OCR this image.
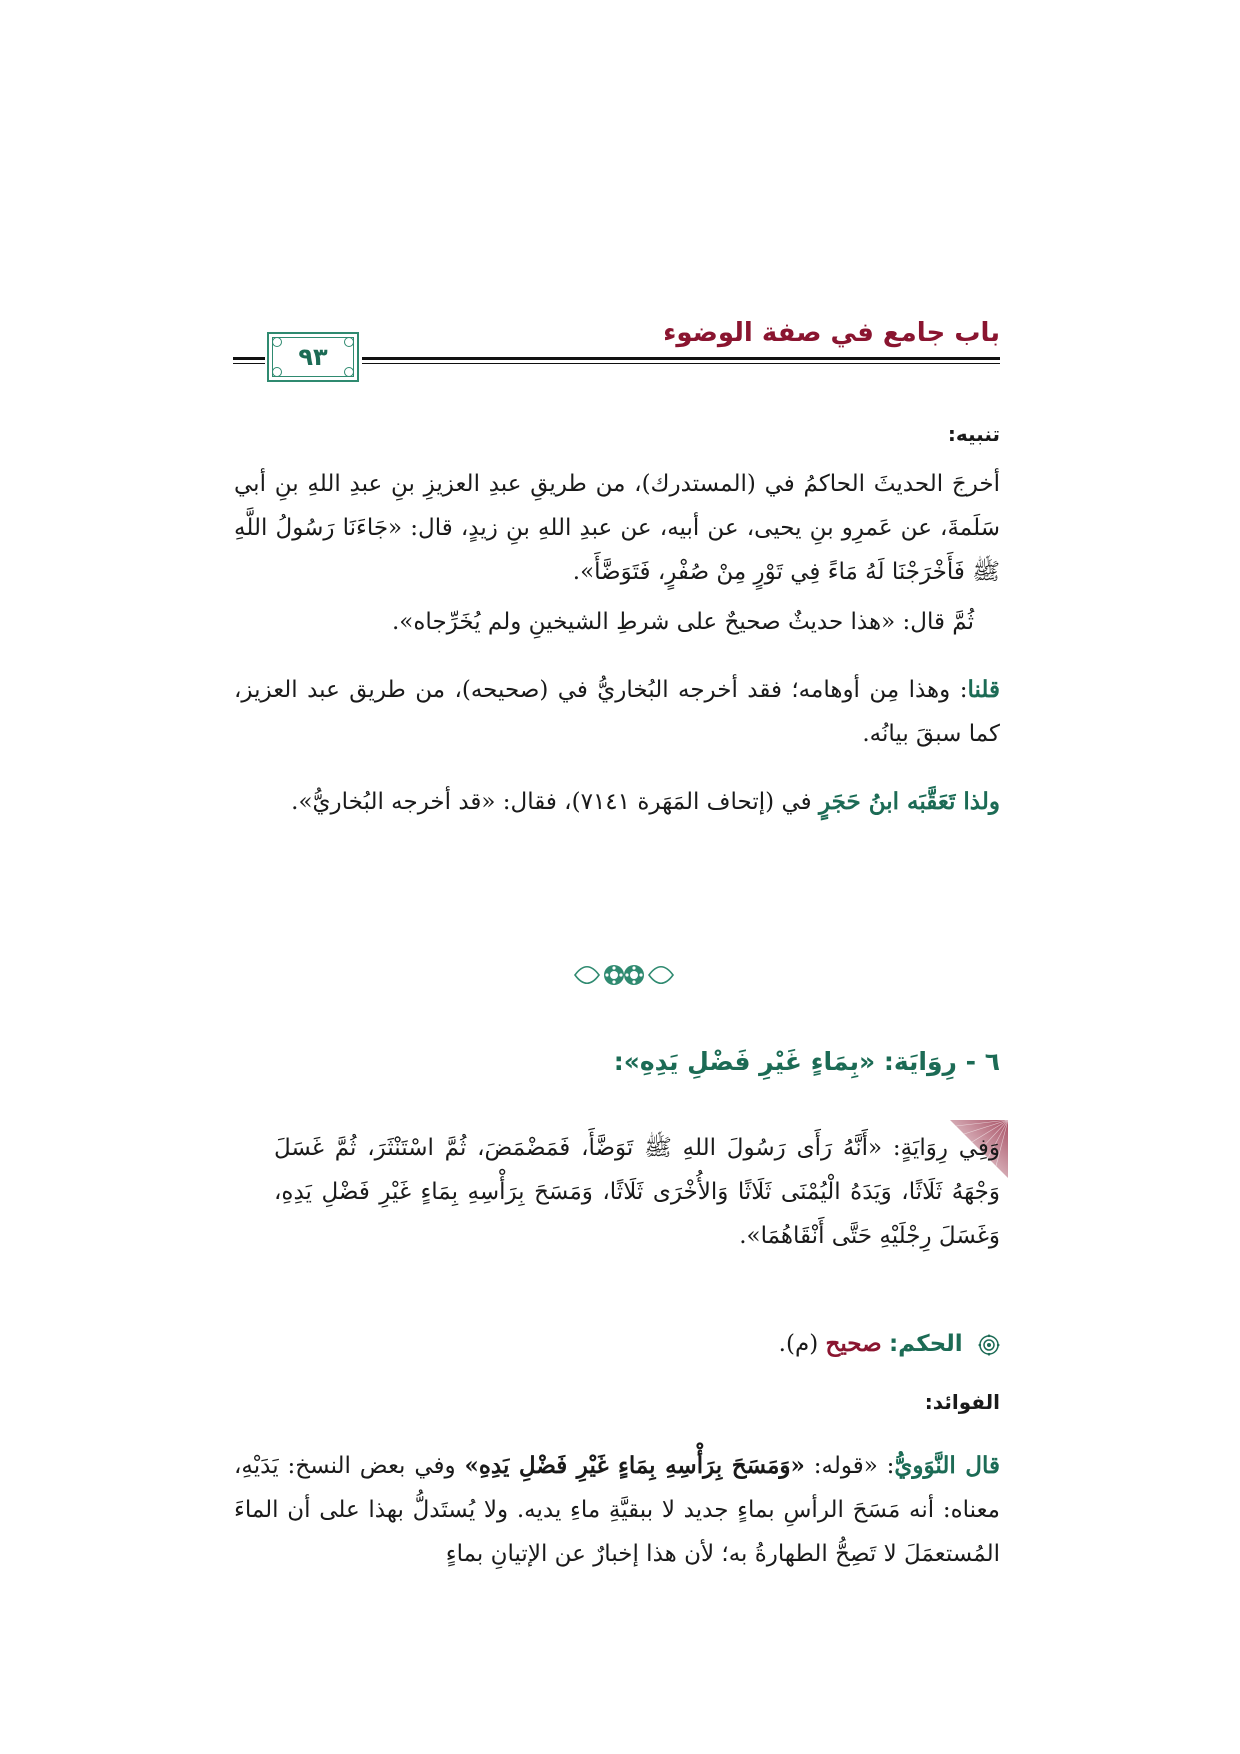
باب جامع في صفة الوضوء
٩٣
تنبيه:
أخرجَ الحديثَ الحاكمُ في (المستدرك)، من طريقِ عبدِ العزيزِ بنِ عبدِ اللهِ بنِ أبي سَلَمةَ، عن عَمرِو بنِ يحيى، عن أبيه، عن عبدِ اللهِ بنِ زيدٍ، قال: «جَاءَنَا رَسُولُ اللَّهِ ﷺ فَأَخْرَجْنَا لَهُ مَاءً فِي تَوْرٍ مِنْ صُفْرٍ، فَتَوَضَّأَ».
ثُمَّ قال: «هذا حديثٌ صحيحٌ على شرطِ الشيخينِ ولم يُخَرِّجاه».
قلنا: وهذا مِن أوهامه؛ فقد أخرجه البُخاريُّ في (صحيحه)، من طريق عبد العزيز، كما سبقَ بيانُه.
ولذا تَعَقَّبَه ابنُ حَجَرٍ في (إتحاف المَهَرة ٧١٤١)، فقال: «قد أخرجه البُخاريُّ».
٦ - رِوَايَة: «بِمَاءٍ غَيْرِ فَضْلِ يَدِهِ»:
وَفِي رِوَايَةٍ: «أَنَّهُ رَأَى رَسُولَ اللهِ ﷺ تَوَضَّأَ، فَمَضْمَضَ، ثُمَّ اسْتَنْثَرَ، ثُمَّ غَسَلَ وَجْهَهُ ثَلَاثًا، وَيَدَهُ الْيُمْنَى ثَلَاثًا وَالأُخْرَى ثَلَاثًا، وَمَسَحَ بِرَأْسِهِ بِمَاءٍ غَيْرِ فَضْلِ يَدِهِ، وَغَسَلَ رِجْلَيْهِ حَتَّى أَنْقَاهُمَا».
الحكم: صحيح (م).
الفوائد:
قال النَّوَويُّ: «قوله: «وَمَسَحَ بِرَأْسِهِ بِمَاءٍ غَيْرِ فَضْلِ يَدِهِ» وفي بعض النسخ: يَدَيْهِ، معناه: أنه مَسَحَ الرأسِ بماءٍ جديد لا ببقيَّةِ ماءِ يديه. ولا يُستَدلُّ بهذا على أن الماءَ المُستعمَلَ لا تَصِحُّ الطهارةُ به؛ لأن هذا إخبارٌ عن الإتيانِ بماءٍ
